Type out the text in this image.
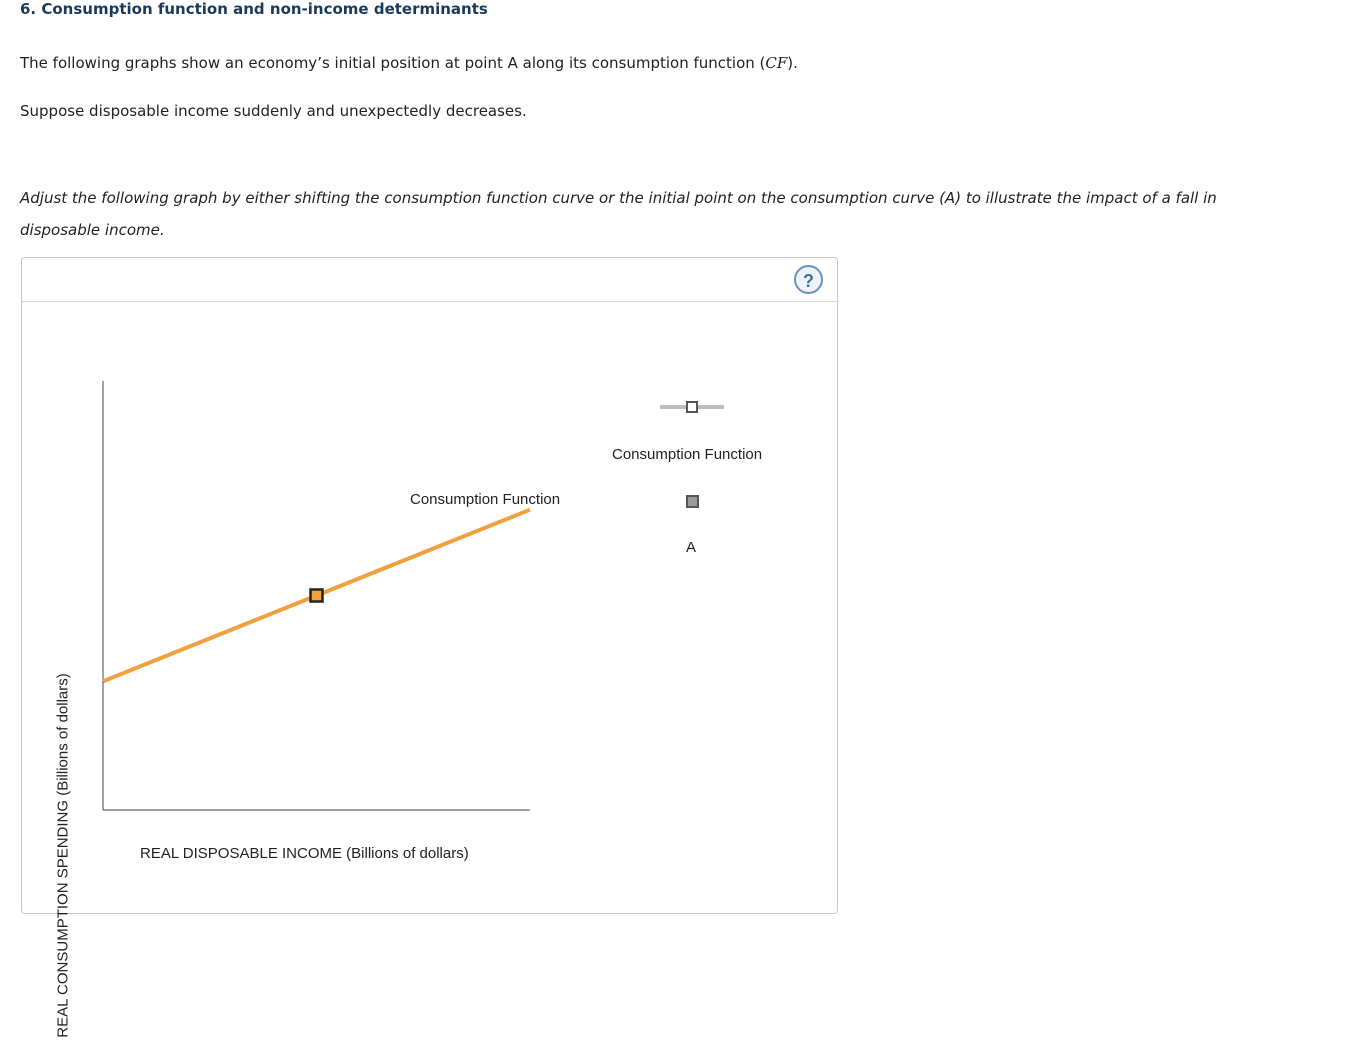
6. Consumption function and non-income determinants
The following graphs show an economy’s initial position at point A along its consumption function (CF).
Suppose disposable income suddenly and unexpectedly decreases.
Adjust the following graph by either shifting the consumption function curve or the initial point on the consumption curve (A) to illustrate the impact of a fall in disposable income.
?
REAL CONSUMPTION SPENDING (Billions of dollars)	REAL DISPOSABLE INCOME (Billions of dollars)
Consumption Function
Consumption Function
A
